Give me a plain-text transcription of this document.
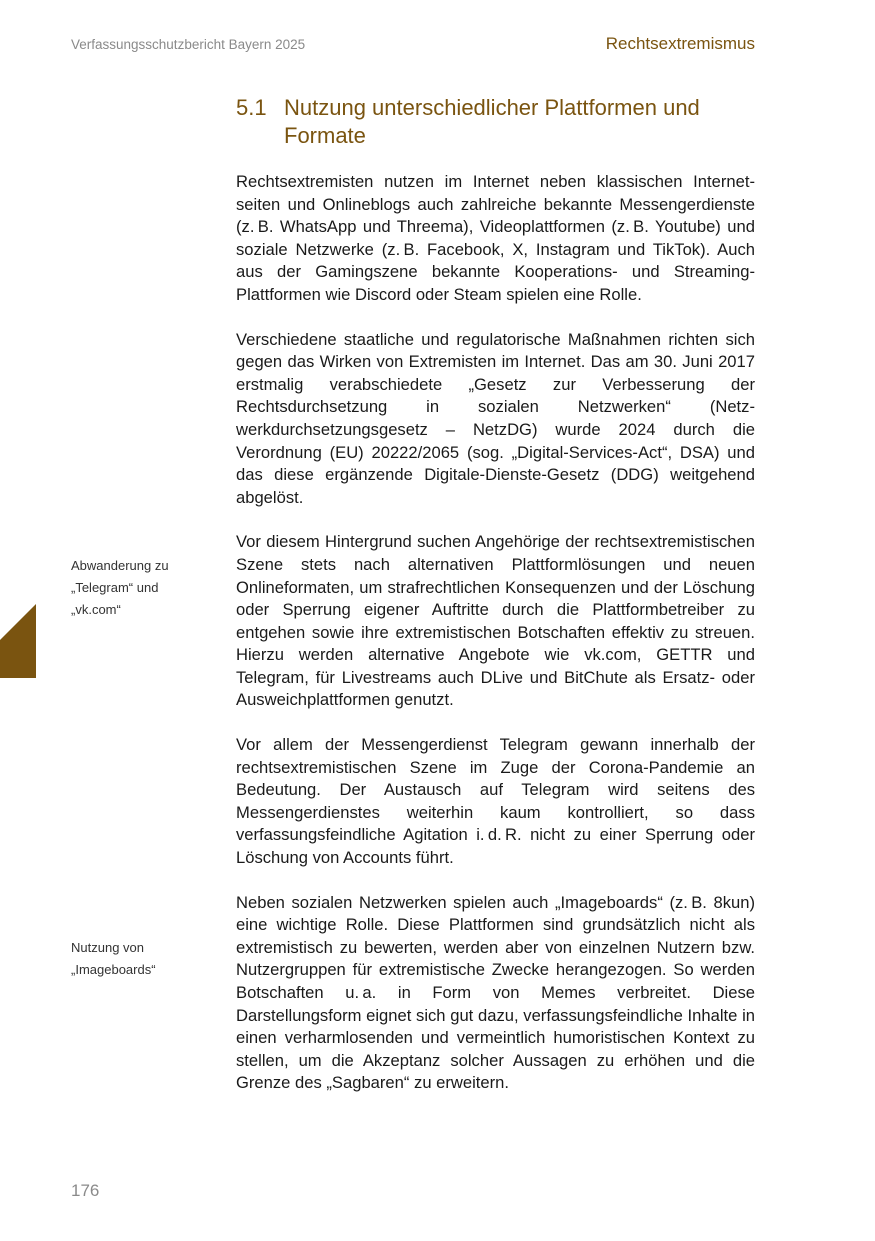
Verfassungsschutzbericht Bayern 2025	Rechtsextremismus
5.1 Nutzung unterschiedlicher Plattformen und Formate

Rechtsextremisten nutzen im Internet neben klassischen Internetseiten und Onlineblogs auch zahlreiche bekannte Messengerdienste (z. B. WhatsApp und Threema), Videoplattformen (z. B. Youtube) und soziale Netzwerke (z. B. Facebook, X, Instagram und TikTok). Auch aus der Gamingszene bekannte Kooperations- und Streaming-Plattformen wie Discord oder Steam spielen eine Rolle.

Verschiedene staatliche und regulatorische Maßnahmen richten sich gegen das Wirken von Extremisten im Internet. Das am 30. Juni 2017 erstmalig verabschiedete „Gesetz zur Verbesserung der Rechtsdurchsetzung in sozialen Netzwerken“ (Netzwerkdurchsetzungsgesetz – NetzDG) wurde 2024 durch die Verordnung (EU) 20222/2065 (sog. „Digital-Services-Act“, DSA) und das diese ergänzende Digitale-Dienste-Gesetz (DDG) weitgehend abgelöst.

Vor diesem Hintergrund suchen Angehörige der rechtsextremistischen Szene stets nach alternativen Plattformlösungen und neuen Onlineformaten, um strafrechtlichen Konsequenzen und der Löschung oder Sperrung eigener Auftritte durch die Plattformbetreiber zu entgehen sowie ihre extremistischen Botschaften effektiv zu streuen. Hierzu werden alternative Angebote wie vk.com, GETTR und Telegram, für Livestreams auch DLive und BitChute als Ersatz- oder Ausweichplattformen genutzt.

Vor allem der Messengerdienst Telegram gewann innerhalb der rechtsextremistischen Szene im Zuge der Corona-Pandemie an Bedeutung. Der Austausch auf Telegram wird seitens des Messengerdienstes weiterhin kaum kontrolliert, so dass verfassungsfeindliche Agitation i. d. R. nicht zu einer Sperrung oder Löschung von Accounts führt.

Neben sozialen Netzwerken spielen auch „Imageboards“ (z. B. 8kun) eine wichtige Rolle. Diese Plattformen sind grundsätzlich nicht als extremistisch zu bewerten, werden aber von einzelnen Nutzern bzw. Nutzergruppen für extremistische Zwecke herangezogen. So werden Botschaften u. a. in Form von Memes verbreitet. Diese Darstellungsform eignet sich gut dazu, verfassungsfeindliche Inhalte in einen verharmlosenden und vermeintlich humoristischen Kontext zu stellen, um die Akzeptanz solcher Aussagen zu erhöhen und die Grenze des „Sagbaren“ zu erweitern.

Abwanderung zu
„Telegram“ und
„vk.com“
Nutzung von
„Imageboards“
176
